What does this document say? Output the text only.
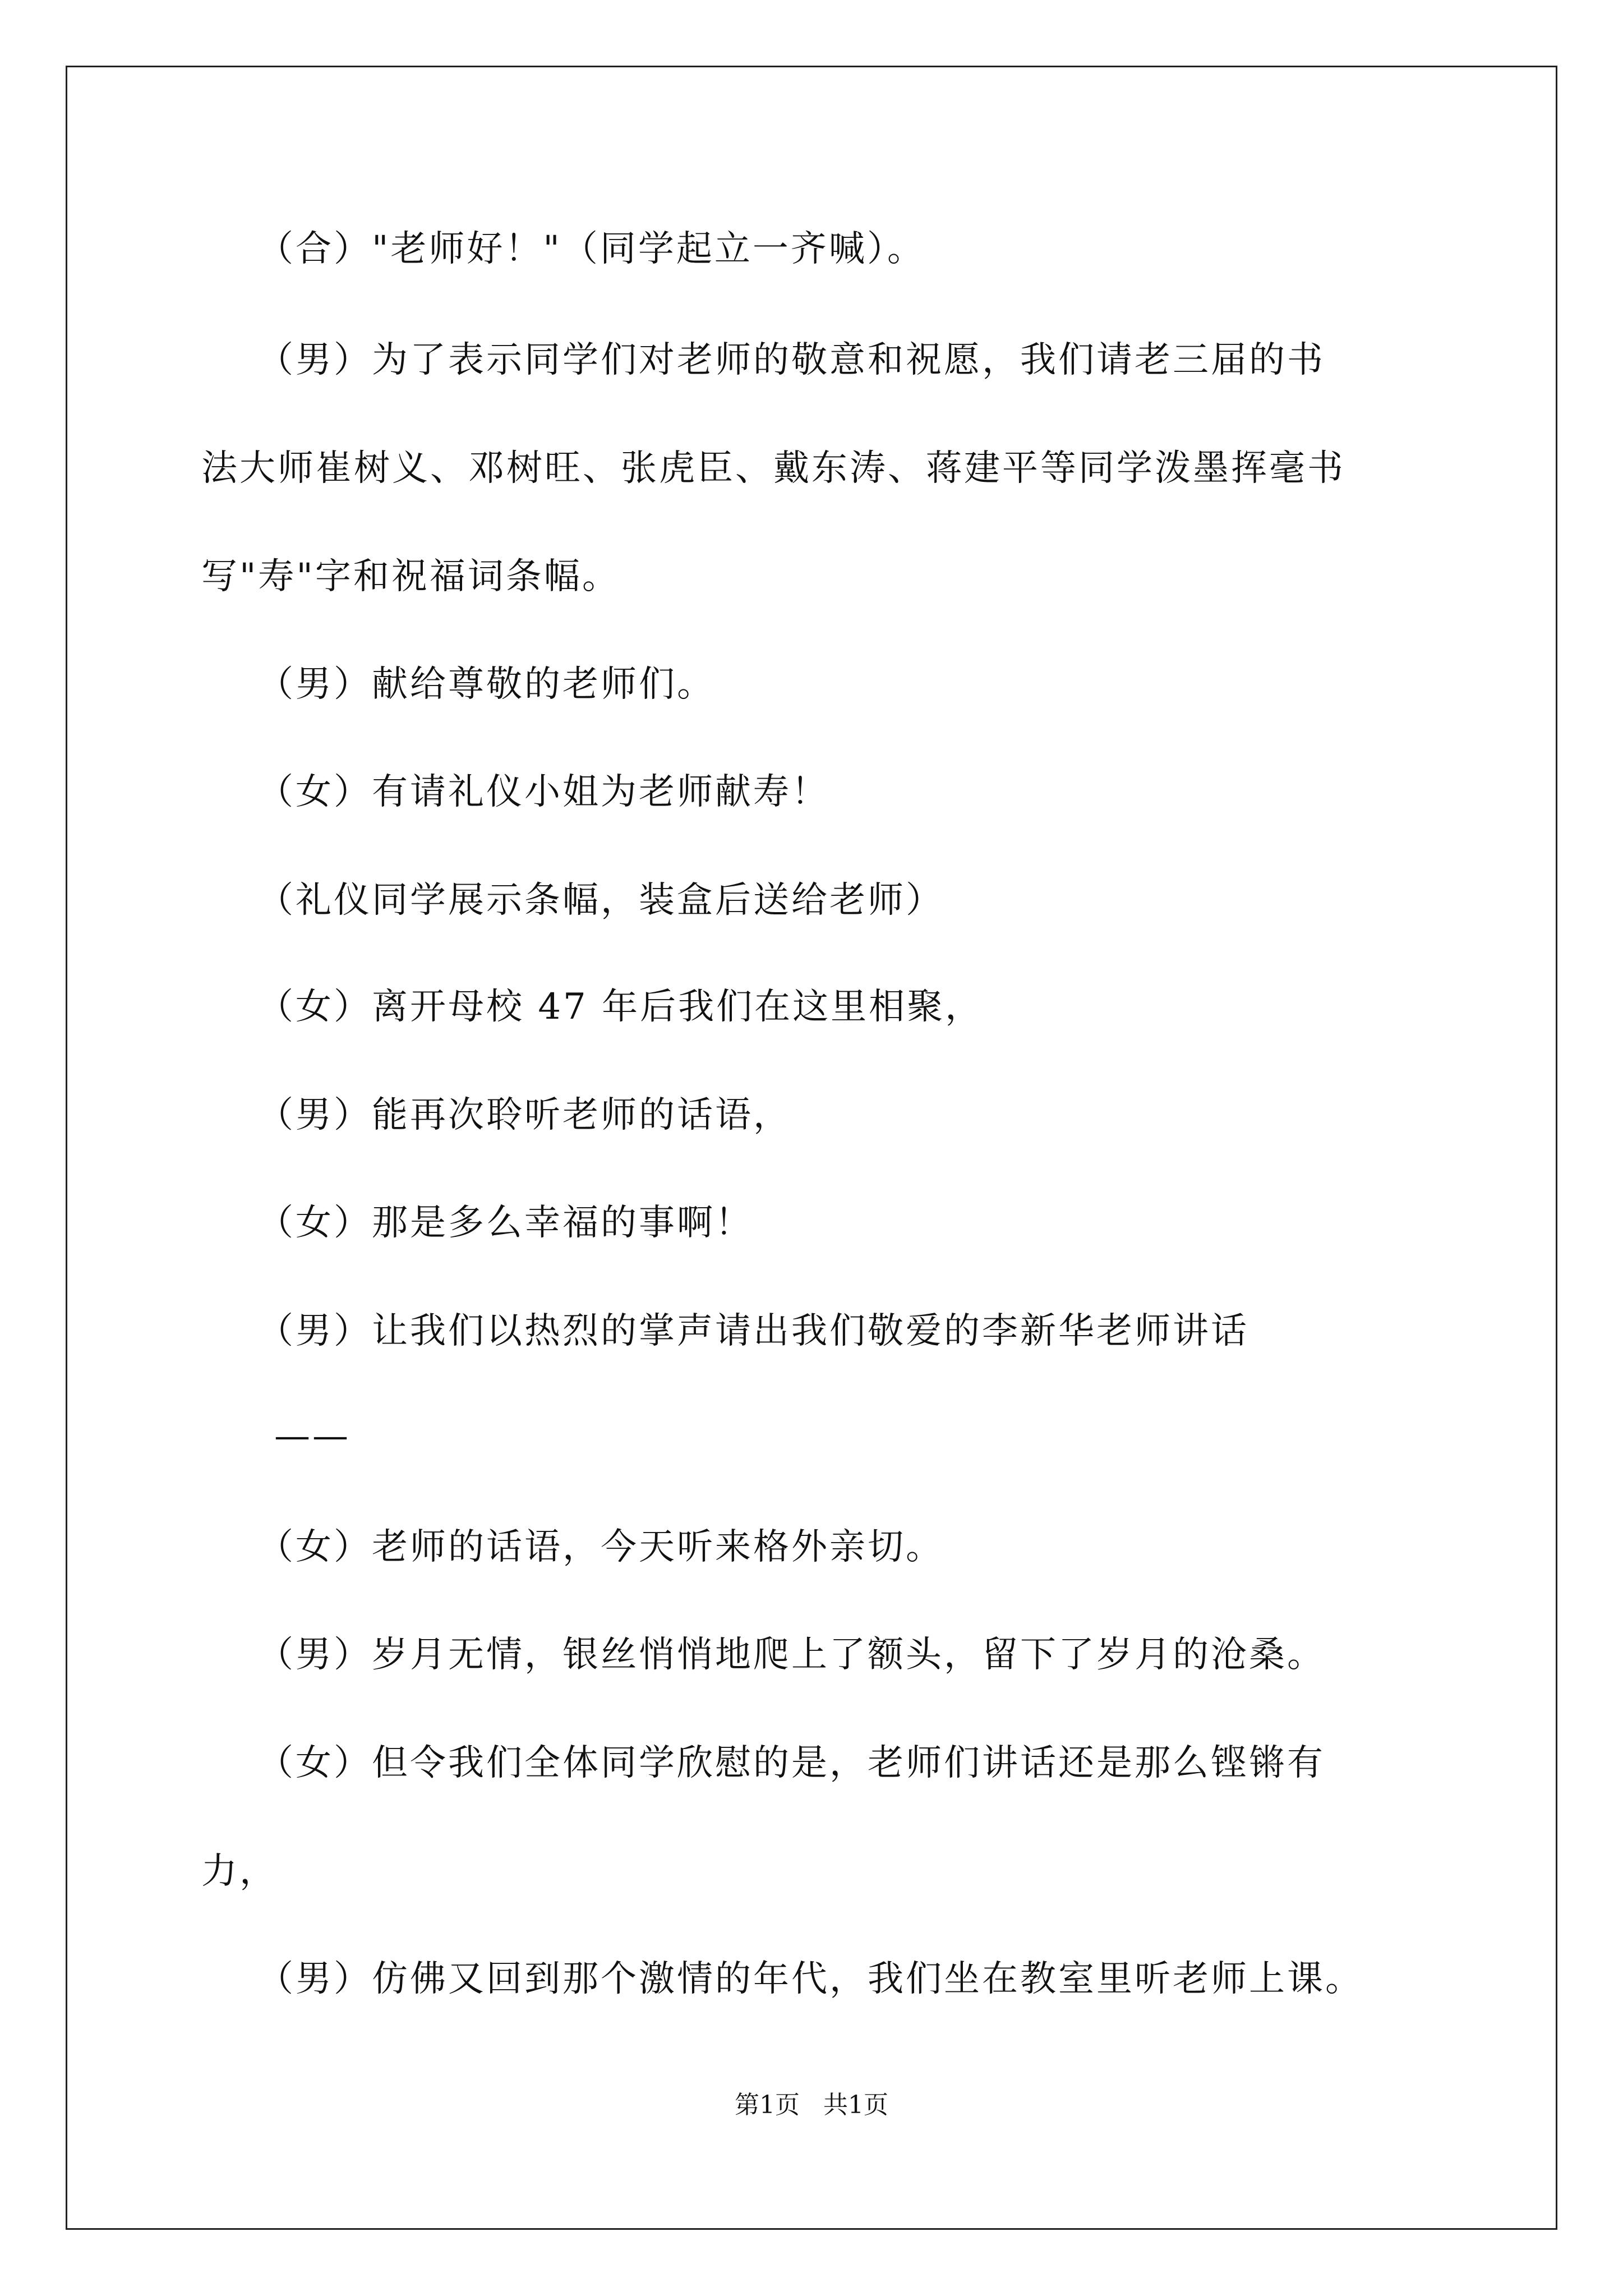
（合）"老师好！"（同学起立一齐喊）。
（男）为了表示同学们对老师的敬意和祝愿，我们请老三届的书
法大师崔树义、邓树旺、张虎臣、戴东涛、蒋建平等同学泼墨挥毫书
写"寿"字和祝福词条幅。
（男）献给尊敬的老师们。
（女）有请礼仪小姐为老师献寿！
（礼仪同学展示条幅，装盒后送给老师）
（女）离开母校 47 年后我们在这里相聚，
（男）能再次聆听老师的话语，
（女）那是多么幸福的事啊！
（男）让我们以热烈的掌声请出我们敬爱的李新华老师讲话
——
（女）老师的话语，今天听来格外亲切。
（男）岁月无情，银丝悄悄地爬上了额头，留下了岁月的沧桑。
（女）但令我们全体同学欣慰的是，老师们讲话还是那么铿锵有
力，
（男）仿佛又回到那个激情的年代，我们坐在教室里听老师上课。
第1页   共1页
